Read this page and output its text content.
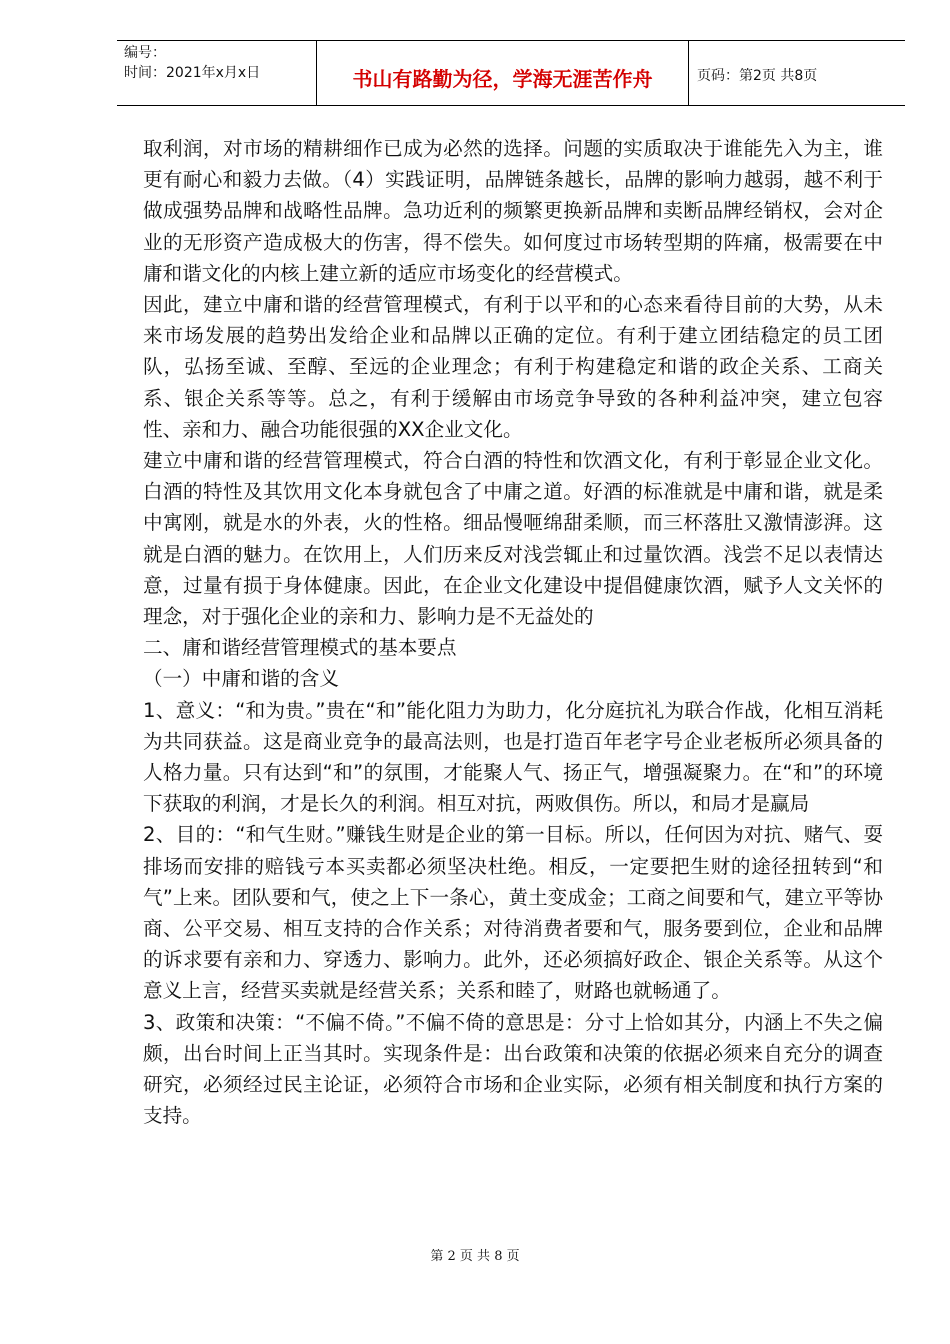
编号：
时间：2021年x月x日	书山有路勤为径，学海无涯苦作舟	页码：第2页 共8页

取利润，对市场的精耕细作已成为必然的选择。问题的实质取决于谁能先入为主，谁更有耐心和毅力去做。（4）实践证明，品牌链条越长，品牌的影响力越弱，越不利于做成强势品牌和战略性品牌。急功近利的频繁更换新品牌和卖断品牌经销权，会对企业的无形资产造成极大的伤害，得不偿失。如何度过市场转型期的阵痛，极需要在中庸和谐文化的内核上建立新的适应市场变化的经营模式。

因此，建立中庸和谐的经营管理模式，有利于以平和的心态来看待目前的大势，从未来市场发展的趋势出发给企业和品牌以正确的定位。有利于建立团结稳定的员工团队，弘扬至诚、至醇、至远的企业理念；有利于构建稳定和谐的政企关系、工商关系、银企关系等等。总之，有利于缓解由市场竞争导致的各种利益冲突，建立包容性、亲和力、融合功能很强的XX企业文化。

建立中庸和谐的经营管理模式，符合白酒的特性和饮酒文化，有利于彰显企业文化。白酒的特性及其饮用文化本身就包含了中庸之道。好酒的标准就是中庸和谐，就是柔中寓刚，就是水的外表，火的性格。细品慢咂绵甜柔顺，而三杯落肚又激情澎湃。这就是白酒的魅力。在饮用上，人们历来反对浅尝辄止和过量饮酒。浅尝不足以表情达意，过量有损于身体健康。因此，在企业文化建设中提倡健康饮酒，赋予人文关怀的理念，对于强化企业的亲和力、影响力是不无益处的

二、庸和谐经营管理模式的基本要点

（一）中庸和谐的含义

1、意义：“和为贵。”贵在“和”能化阻力为助力，化分庭抗礼为联合作战，化相互消耗为共同获益。这是商业竞争的最高法则，也是打造百年老字号企业老板所必须具备的人格力量。只有达到“和”的氛围，才能聚人气、扬正气，增强凝聚力。在“和”的环境下获取的利润，才是长久的利润。相互对抗，两败俱伤。所以，和局才是赢局

2、目的：“和气生财。”赚钱生财是企业的第一目标。所以，任何因为对抗、赌气、耍排场而安排的赔钱亏本买卖都必须坚决杜绝。相反，一定要把生财的途径扭转到“和气”上来。团队要和气，使之上下一条心，黄土变成金；工商之间要和气，建立平等协商、公平交易、相互支持的合作关系；对待消费者要和气，服务要到位，企业和品牌的诉求要有亲和力、穿透力、影响力。此外，还必须搞好政企、银企关系等。从这个意义上言，经营买卖就是经营关系；关系和睦了，财路也就畅通了。

3、政策和决策：“不偏不倚。”不偏不倚的意思是：分寸上恰如其分，内涵上不失之偏颇，出台时间上正当其时。实现条件是：出台政策和决策的依据必须来自充分的调查研究，必须经过民主论证，必须符合市场和企业实际，必须有相关制度和执行方案的支持。

第 2 页 共 8 页
